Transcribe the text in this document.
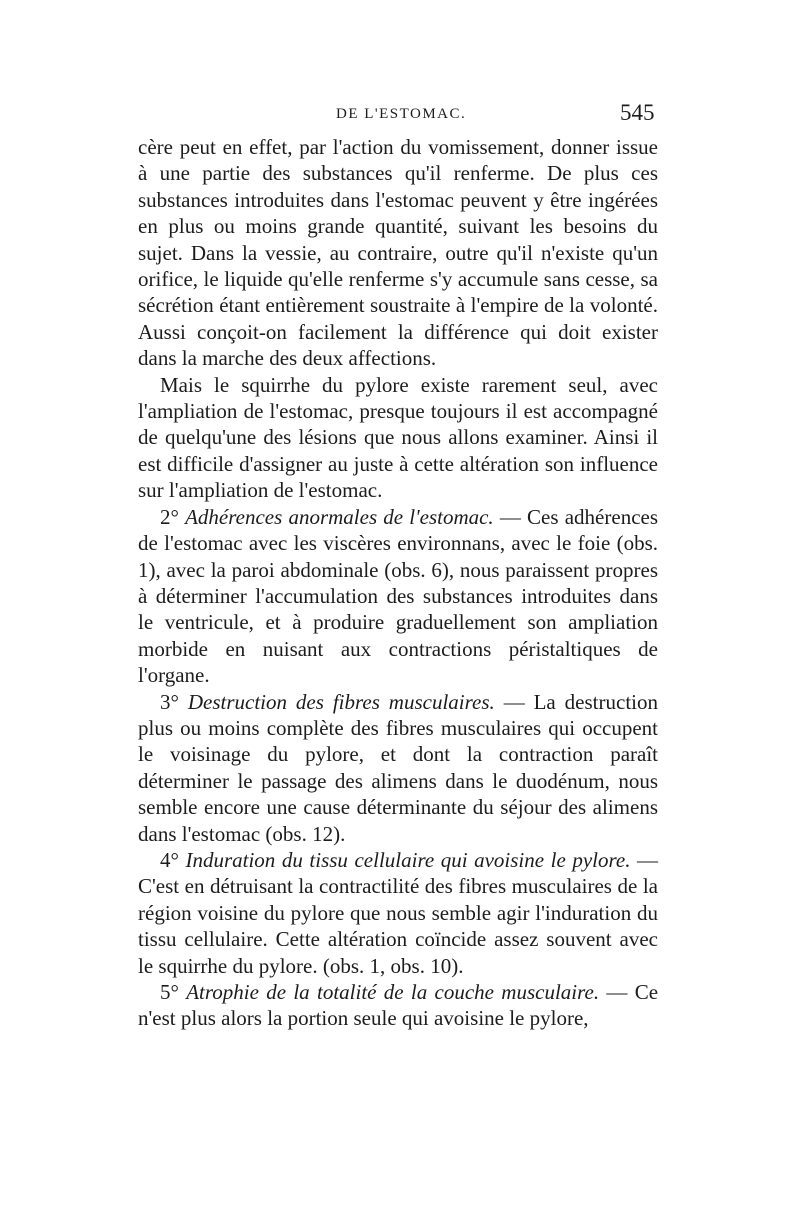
DE L'ESTOMAC.	545

cère peut en effet, par l'action du vomissement, donner issue à une partie des substances qu'il renferme. De plus ces substances introduites dans l'estomac peuvent y être ingérées en plus ou moins grande quantité, suivant les besoins du sujet. Dans la vessie, au contraire, outre qu'il n'existe qu'un orifice, le liquide qu'elle renferme s'y accumule sans cesse, sa sécrétion étant entièrement soustraite à l'empire de la volonté. Aussi conçoit-on facilement la différence qui doit exister dans la marche des deux affections.

Mais le squirrhe du pylore existe rarement seul, avec l'ampliation de l'estomac, presque toujours il est accompagné de quelqu'une des lésions que nous allons examiner. Ainsi il est difficile d'assigner au juste à cette altération son influence sur l'ampliation de l'estomac.

2° Adhérences anormales de l'estomac. — Ces adhérences de l'estomac avec les viscères environnans, avec le foie (obs. 1), avec la paroi abdominale (obs. 6), nous paraissent propres à déterminer l'accumulation des substances introduites dans le ventricule, et à produire graduellement son ampliation morbide en nuisant aux contractions péristaltiques de l'organe.

3° Destruction des fibres musculaires. — La destruction plus ou moins complète des fibres musculaires qui occupent le voisinage du pylore, et dont la contraction paraît déterminer le passage des alimens dans le duodénum, nous semble encore une cause déterminante du séjour des alimens dans l'estomac (obs. 12).

4° Induration du tissu cellulaire qui avoisine le pylore. — C'est en détruisant la contractilité des fibres musculaires de la région voisine du pylore que nous semble agir l'induration du tissu cellulaire. Cette altération coïncide assez souvent avec le squirrhe du pylore. (obs. 1, obs. 10).

5° Atrophie de la totalité de la couche musculaire. — Ce n'est plus alors la portion seule qui avoisine le pylore,
